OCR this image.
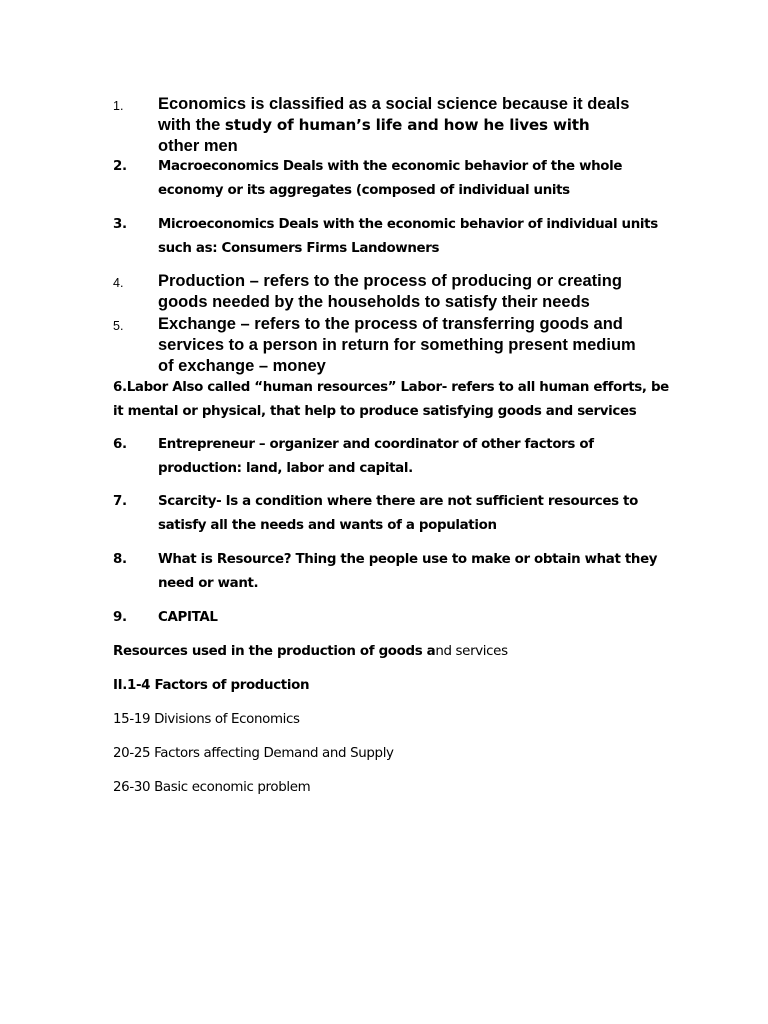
1. Economics is classified as a social science because it deals
with the study of human’s life and how he lives with
other men
2. Macroeconomics Deals with the economic behavior of the whole
economy or its aggregates (composed of individual units
3. Microeconomics Deals with the economic behavior of individual units
such as: Consumers Firms Landowners
4. Production – refers to the process of producing or creating
goods needed by the households to satisfy their needs
5. Exchange – refers to the process of transferring goods and
services to a person in return for something present medium
of exchange – money
6.Labor Also called “human resources” Labor- refers to all human efforts, be
it mental or physical, that help to produce satisfying goods and services
6. Entrepreneur – organizer and coordinator of other factors of
production: land, labor and capital.
7. Scarcity- Is a condition where there are not sufficient resources to
satisfy all the needs and wants of a population
8. What is Resource? Thing the people use to make or obtain what they
need or want.
9. CAPITAL
Resources used in the production of goods and services
II.1-4 Factors of production
15-19 Divisions of Economics
20-25 Factors affecting Demand and Supply
26-30 Basic economic problem
